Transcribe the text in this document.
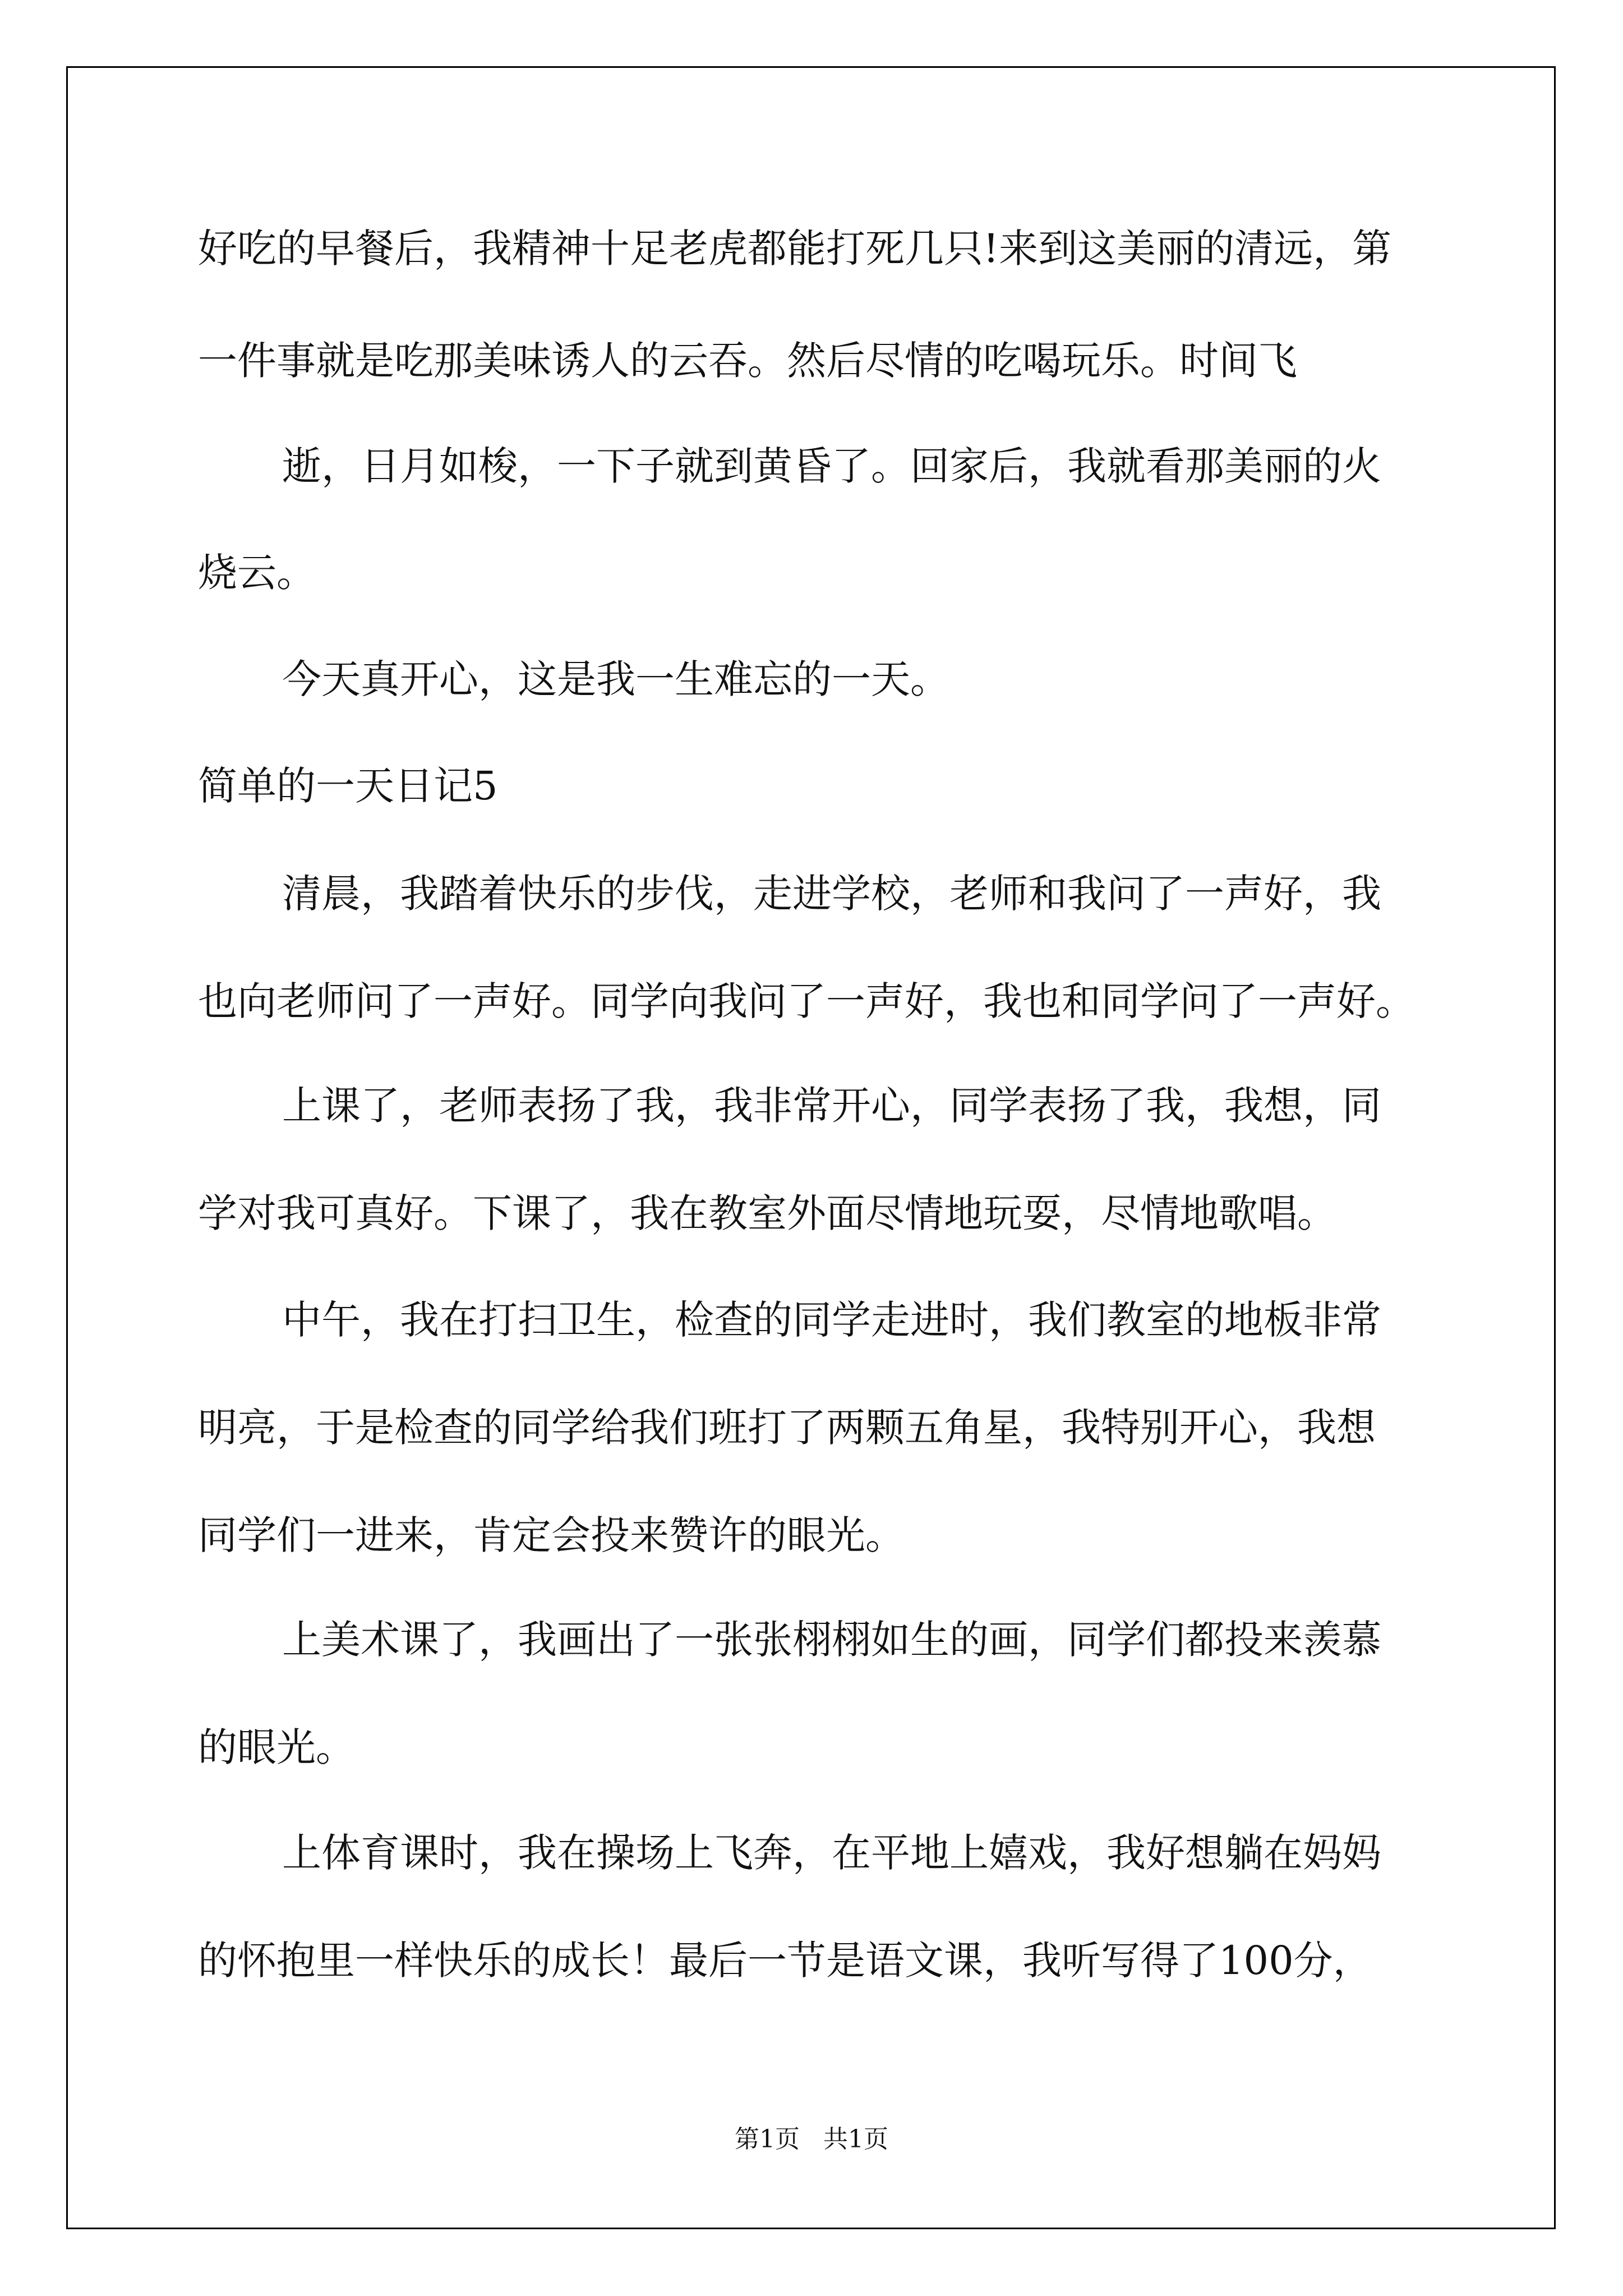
好吃的早餐后，我精神十足老虎都能打死几只!来到这美丽的清远，第
一件事就是吃那美味诱人的云吞。然后尽情的吃喝玩乐。时间飞
逝，日月如梭，一下子就到黄昏了。回家后，我就看那美丽的火
烧云。
今天真开心，这是我一生难忘的一天。
简单的一天日记5
清晨，我踏着快乐的步伐，走进学校，老师和我问了一声好，我
也向老师问了一声好。同学向我问了一声好，我也和同学问了一声好。
上课了，老师表扬了我，我非常开心，同学表扬了我，我想，同
学对我可真好。下课了，我在教室外面尽情地玩耍，尽情地歌唱。
中午，我在打扫卫生，检查的同学走进时，我们教室的地板非常
明亮，于是检查的同学给我们班打了两颗五角星，我特别开心，我想
同学们一进来，肯定会投来赞许的眼光。
上美术课了，我画出了一张张栩栩如生的画，同学们都投来羡慕
的眼光。
上体育课时，我在操场上飞奔，在平地上嬉戏，我好想躺在妈妈
的怀抱里一样快乐的成长！最后一节是语文课，我听写得了100分，
第1页   共1页
